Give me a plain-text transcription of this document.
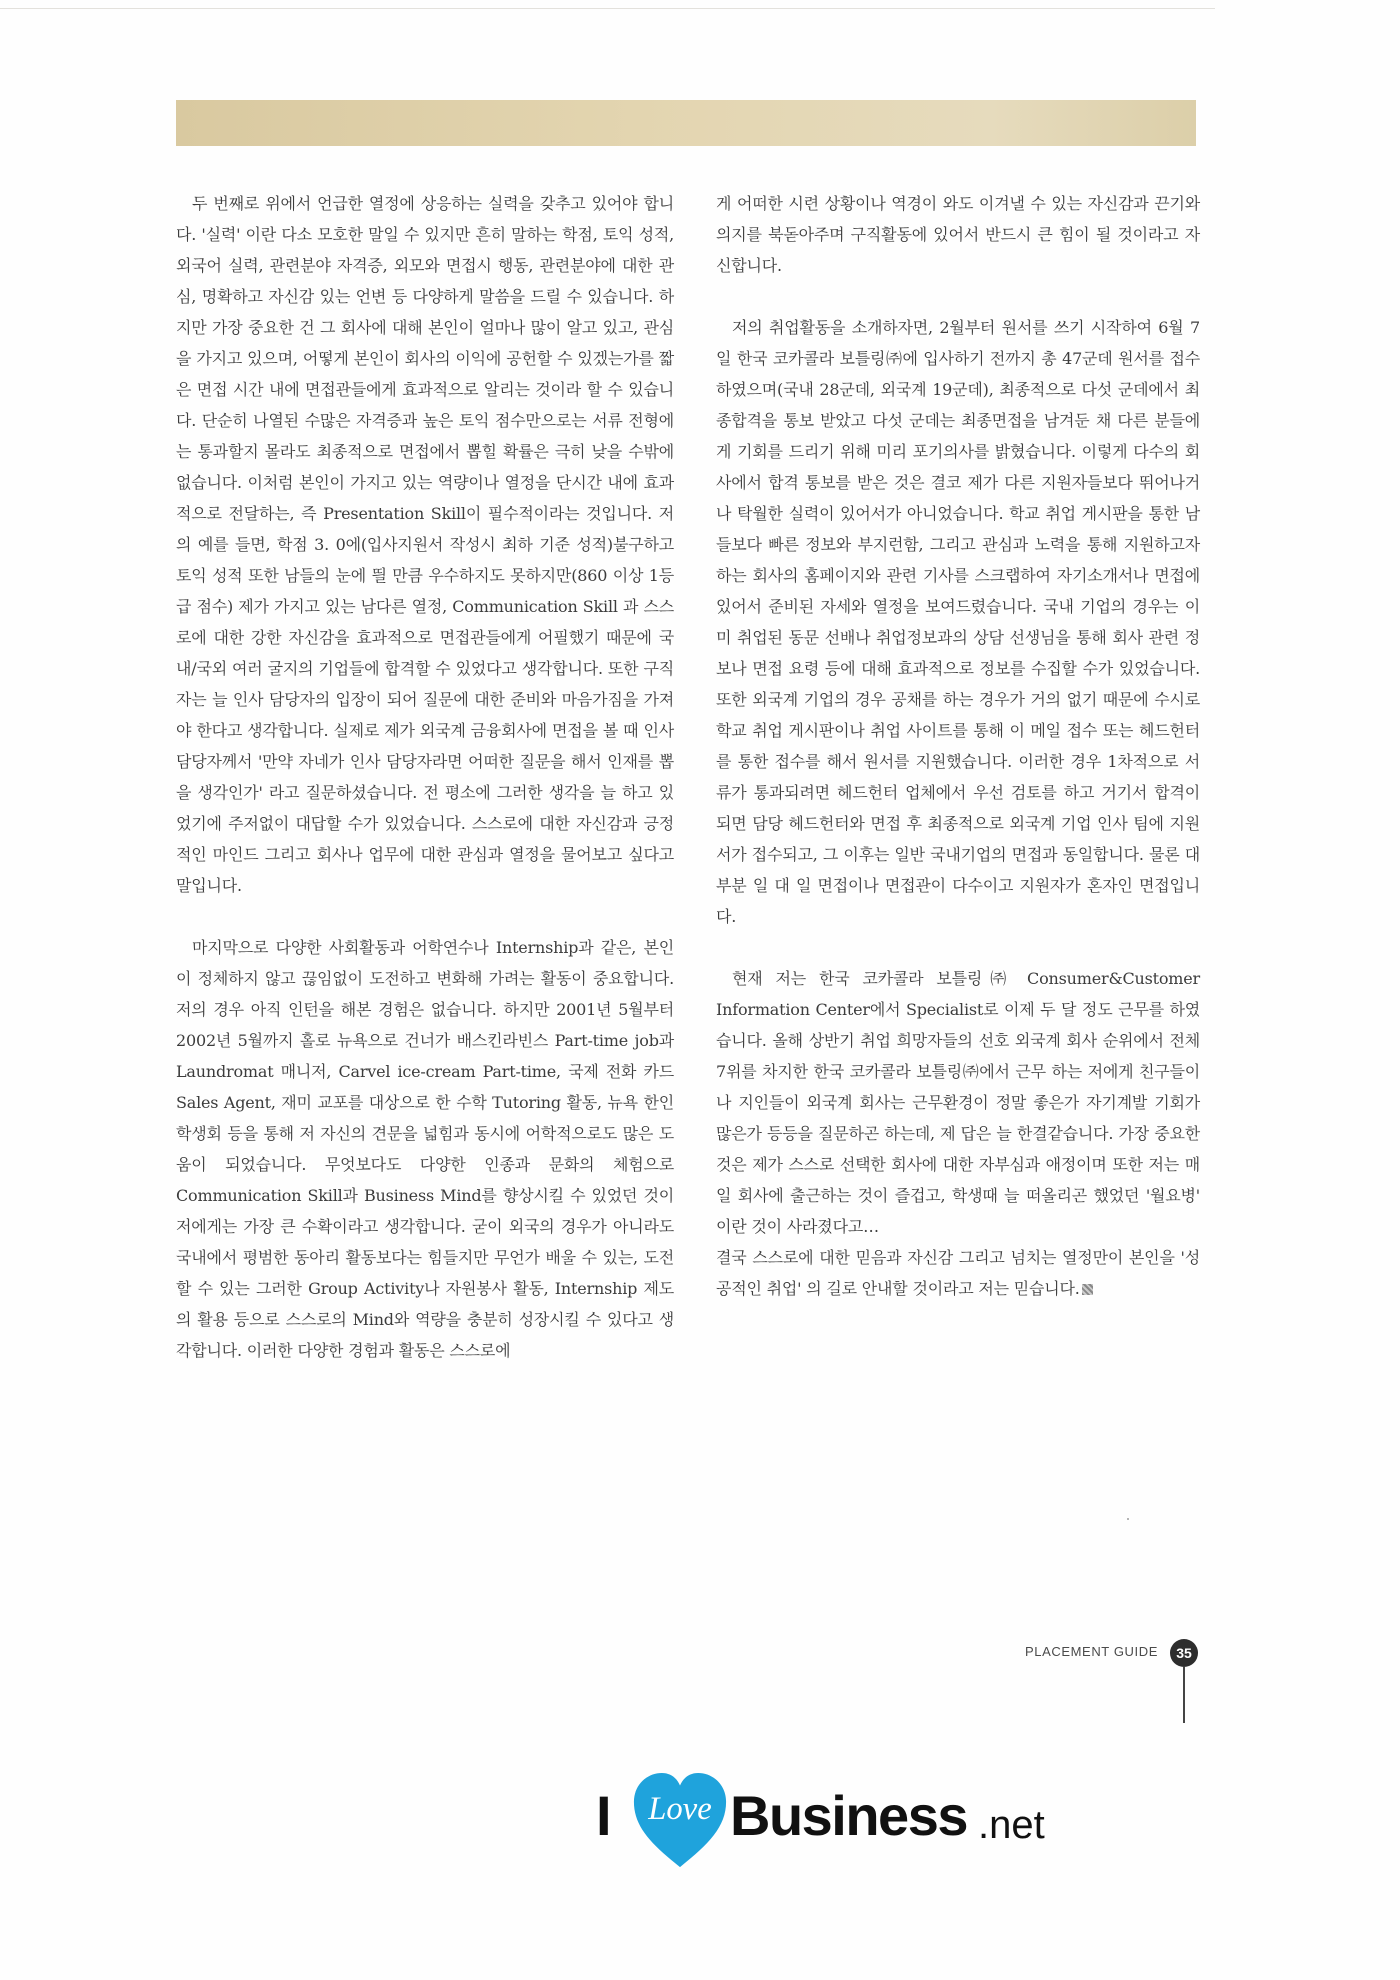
두 번째로 위에서 언급한 열정에 상응하는 실력을 갖추고 있어야 합니다. '실력' 이란 다소 모호한 말일 수 있지만 흔히 말하는 학점, 토익 성적, 외국어 실력, 관련분야 자격증, 외모와 면접시 행동, 관련분야에 대한 관심, 명확하고 자신감 있는 언변 등 다양하게 말씀을 드릴 수 있습니다. 하지만 가장 중요한 건 그 회사에 대해 본인이 얼마나 많이 알고 있고, 관심을 가지고 있으며, 어떻게 본인이 회사의 이익에 공헌할 수 있겠는가를 짧은 면접 시간 내에 면접관들에게 효과적으로 알리는 것이라 할 수 있습니다. 단순히 나열된 수많은 자격증과 높은 토익 점수만으로는 서류 전형에는 통과할지 몰라도 최종적으로 면접에서 뽑힐 확률은 극히 낮을 수밖에 없습니다. 이처럼 본인이 가지고 있는 역량이나 열정을 단시간 내에 효과적으로 전달하는, 즉 Presentation Skill이 필수적이라는 것입니다. 저의 예를 들면, 학점 3. 0에(입사지원서 작성시 최하 기준 성적)불구하고 토익 성적 또한 남들의 눈에 띌 만큼 우수하지도 못하지만(860 이상 1등급 점수) 제가 가지고 있는 남다른 열정, Communication Skill 과 스스로에 대한 강한 자신감을 효과적으로 면접관들에게 어필했기 때문에 국내/국외 여러 굴지의 기업들에 합격할 수 있었다고 생각합니다. 또한 구직자는 늘 인사 담당자의 입장이 되어 질문에 대한 준비와 마음가짐을 가져야 한다고 생각합니다. 실제로 제가 외국계 금융회사에 면접을 볼 때 인사 담당자께서 '만약 자네가 인사 담당자라면 어떠한 질문을 해서 인재를 뽑을 생각인가' 라고 질문하셨습니다. 전 평소에 그러한 생각을 늘 하고 있었기에 주저없이 대답할 수가 있었습니다. 스스로에 대한 자신감과 긍정적인 마인드 그리고 회사나 업무에 대한 관심과 열정을 물어보고 싶다고 말입니다.

마지막으로 다양한 사회활동과 어학연수나 Internship과 같은, 본인이 정체하지 않고 끊임없이 도전하고 변화해 가려는 활동이 중요합니다. 저의 경우 아직 인턴을 해본 경험은 없습니다. 하지만 2001년 5월부터 2002년 5월까지 홀로 뉴욕으로 건너가 배스킨라빈스 Part-time job과 Laundromat 매니저, Carvel ice-cream Part-time, 국제 전화 카드 Sales Agent, 재미 교포를 대상으로 한 수학 Tutoring 활동, 뉴욕 한인 학생회 등을 통해 저 자신의 견문을 넓힘과 동시에 어학적으로도 많은 도움이 되었습니다. 무엇보다도 다양한 인종과 문화의 체험으로 Communication Skill과 Business Mind를 향상시킬 수 있었던 것이 저에게는 가장 큰 수확이라고 생각합니다. 굳이 외국의 경우가 아니라도 국내에서 평범한 동아리 활동보다는 힘들지만 무언가 배울 수 있는, 도전할 수 있는 그러한 Group Activity나 자원봉사 활동, Internship 제도의 활용 등으로 스스로의 Mind와 역량을 충분히 성장시킬 수 있다고 생각합니다. 이러한 다양한 경험과 활동은 스스로에

게 어떠한 시련 상황이나 역경이 와도 이겨낼 수 있는 자신감과 끈기와 의지를 북돋아주며 구직활동에 있어서 반드시 큰 힘이 될 것이라고 자신합니다.

저의 취업활동을 소개하자면, 2월부터 원서를 쓰기 시작하여 6월 7일 한국 코카콜라 보틀링㈜에 입사하기 전까지 총 47군데 원서를 접수하였으며(국내 28군데, 외국계 19군데), 최종적으로 다섯 군데에서 최종합격을 통보 받았고 다섯 군데는 최종면접을 남겨둔 채 다른 분들에게 기회를 드리기 위해 미리 포기의사를 밝혔습니다. 이렇게 다수의 회사에서 합격 통보를 받은 것은 결코 제가 다른 지원자들보다 뛰어나거나 탁월한 실력이 있어서가 아니었습니다. 학교 취업 게시판을 통한 남들보다 빠른 정보와 부지런함, 그리고 관심과 노력을 통해 지원하고자 하는 회사의 홈페이지와 관련 기사를 스크랩하여 자기소개서나 면접에 있어서 준비된 자세와 열정을 보여드렸습니다. 국내 기업의 경우는 이미 취업된 동문 선배나 취업정보과의 상담 선생님을 통해 회사 관련 정보나 면접 요령 등에 대해 효과적으로 정보를 수집할 수가 있었습니다. 또한 외국계 기업의 경우 공채를 하는 경우가 거의 없기 때문에 수시로 학교 취업 게시판이나 취업 사이트를 통해 이 메일 접수 또는 헤드헌터를 통한 접수를 해서 원서를 지원했습니다. 이러한 경우 1차적으로 서류가 통과되려면 헤드헌터 업체에서 우선 검토를 하고 거기서 합격이 되면 담당 헤드헌터와 면접 후 최종적으로 외국계 기업 인사 팀에 지원서가 접수되고, 그 이후는 일반 국내기업의 면접과 동일합니다. 물론 대부분 일 대 일 면접이나 면접관이 다수이고 지원자가 혼자인 면접입니다.

현재 저는 한국 코카콜라 보틀링㈜ Consumer&Customer Information Center에서 Specialist로 이제 두 달 정도 근무를 하였습니다. 올해 상반기 취업 희망자들의 선호 외국계 회사 순위에서 전체 7위를 차지한 한국 코카콜라 보틀링㈜에서 근무 하는 저에게 친구들이나 지인들이 외국계 회사는 근무환경이 정말 좋은가 자기계발 기회가 많은가 등등을 질문하곤 하는데, 제 답은 늘 한결같습니다. 가장 중요한 것은 제가 스스로 선택한 회사에 대한 자부심과 애정이며 또한 저는 매일 회사에 출근하는 것이 즐겁고, 학생때 늘 떠올리곤 했었던 '월요병' 이란 것이 사라졌다고…

결국 스스로에 대한 믿음과 자신감 그리고 넘치는 열정만이 본인을 '성공적인 취업' 의 길로 안내할 것이라고 저는 믿습니다.

PLACEMENT GUIDE	35
I Love Business .net
